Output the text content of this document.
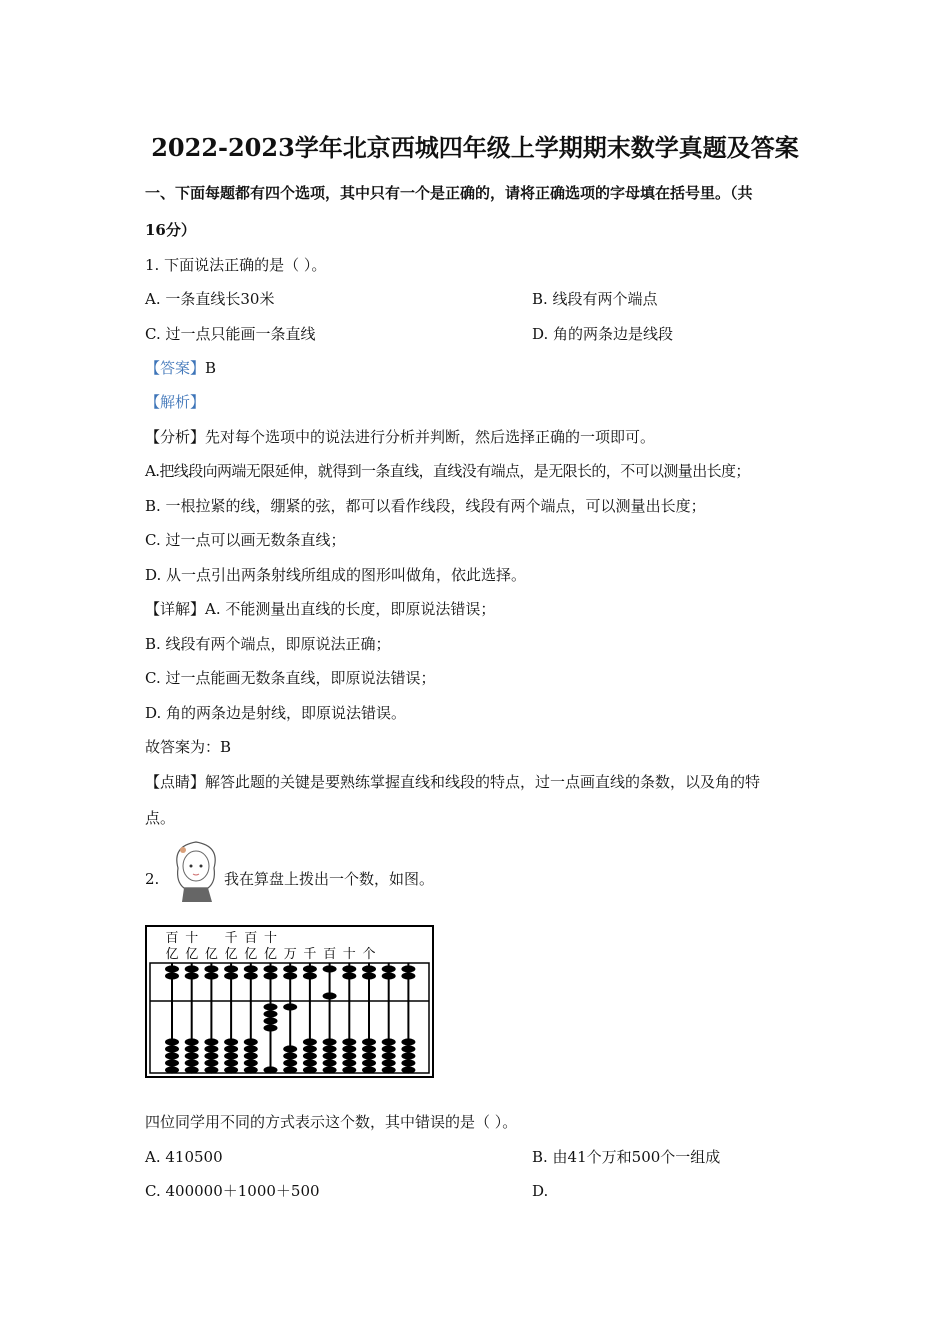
2022-2023学年北京西城四年级上学期期末数学真题及答案
一、下面每题都有四个选项，其中只有一个是正确的，请将正确选项的字母填在括号里。（共
16分）
1. 下面说法正确的是（ ）。
A. 一条直线长30米	B. 线段有两个端点
C. 过一点只能画一条直线	D. 角的两条边是线段
【答案】B
【解析】
【分析】先对每个选项中的说法进行分析并判断，然后选择正确的一项即可。
A.把线段向两端无限延伸，就得到一条直线，直线没有端点，是无限长的，不可以测量出长度；
B. 一根拉紧的线，绷紧的弦，都可以看作线段，线段有两个端点，可以测量出长度；
C. 过一点可以画无数条直线；
D. 从一点引出两条射线所组成的图形叫做角，依此选择。
【详解】A. 不能测量出直线的长度，即原说法错误；
B. 线段有两个端点，即原说法正确；
C. 过一点能画无数条直线，即原说法错误；
D. 角的两条边是射线，即原说法错误。
故答案为：B
【点睛】解答此题的关键是要熟练掌握直线和线段的特点，过一点画直线的条数，以及角的特
点。
2.	我在算盘上拨出一个数，如图。
百 十 千 百 十
亿 亿 亿 亿 亿 亿 万 千 百 十 个
四位同学用不同的方式表示这个数，其中错误的是（ ）。
A. 410500	B. 由41个万和500个一组成
C. 400000＋1000＋500	D.
